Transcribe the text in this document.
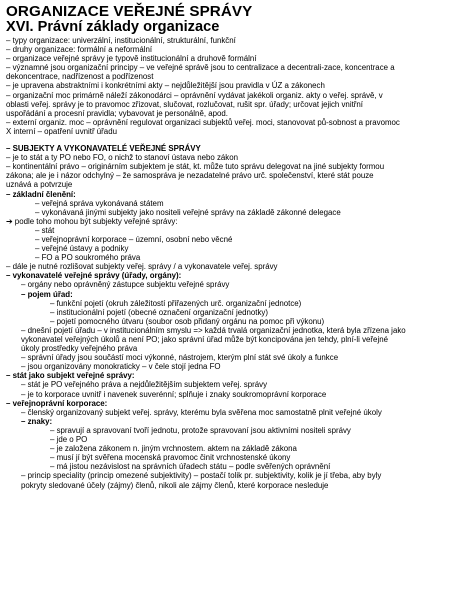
ORGANIZACE VEŘEJNÉ SPRÁVY
XVI. Právní základy organizace
– typy organizace: univerzální, institucionální, strukturální, funkční
– druhy organizace: formální a neformální
– organizace veřejné správy je typově institucionální a druhově formální
– významné jsou organizační principy – ve veřejné správě jsou to centralizace a decentrali-zace, koncentrace a
dekoncentrace, nadřízenost a podřízenost
– je upravena abstraktními i konkrétními akty – nejdůležitější jsou pravidla v ÚZ a zákonech
– organizační moc primárně náleží zákonodárci – oprávnění vydávat jakékoli organiz. akty o veřej. správě, v
oblasti veřej. správy je to pravomoc zřizovat, slučovat, rozlučovat, rušit spr. úřady; určovat jejich vnitřní
uspořádání a procesní pravidla; vybavovat je personálně, apod.
– externí organiz. moc – oprávnění regulovat organizaci subjektů veřej. moci, stanovovat pů-sobnost a pravomoc
X interní – opatření uvnitř úřadu
– SUBJEKTY A VYKONAVATELÉ VEŘEJNÉ SPRÁVY
– je to stát a ty PO nebo FO, o nichž to stanoví ústava nebo zákon
– kontinentální právo – originárním subjektem je stát, kt. může tuto správu delegovat na jiné subjekty formou
zákona; ale je i názor odchylný – že samosprávа je nezadatelné právo urč. společenství, které stát pouze
uznává a potvrzuje
– základní členění:
– veřejná správa vykonávaná státem
– vykonávaná jinými subjekty jako nositeli veřejné správy na základě zákonné delegace
➔ podle toho mohou být subjekty veřejné správy:
– stát
– veřejnoprávní korporace – územní, osobní nebo věcné
– veřejné ústavy a podniky
– FO a PO soukromého práva
– dále je nutné rozlišovat subjekty veřej. správy / a vykonavatele veřej. správy
– vykonavatelé veřejné správy (úřady, orgány):
– orgány nebo oprávněný zástupce subjektu veřejné správy
– pojem úřad:
– funkční pojetí (okruh záležitostí přiřazených urč. organizační jednotce)
– institucionální pojetí (obecné označení organizační jednotky)
– pojetí pomocného útvaru (soubor osob přidaný orgánu na pomoc při výkonu)
– dnešní pojetí úřadu – v institucionálním smyslu => každá trvalá organizační jednotka, která byla zřízena jako
vykonavatel veřejných úkolů a není PO; jako správní úřad může být koncipována jen tehdy, plní-li veřejné
úkoly prostředky veřejného práva
– správní úřady jsou součástí moci výkonné, nástrojem, kterým plní stát své úkoly a funkce
– jsou organizovány monokraticky – v čele stojí jedna FO
– stát jako subjekt veřejné správy:
– stát je PO veřejného práva a nejdůležitějším subjektem veřej. správy
– je to korporace uvnitř i navenek suverénní; splňuje i znaky soukromoprávní korporace
– veřejnoprávní korporace:
– členský organizovaný subjekt veřej. správy, kterému byla svěřena moc samostatně plnit veřejné úkoly
– znaky:
– spravují a spravovaní tvoří jednotu, protože spravovaní jsou aktivními nositeli správy
– jde o PO
– je založena zákonem n. jiným vrchnostem. aktem na základě zákona
– musí jí být svěřena mocenská pravomoc činit vrchnostenské úkony
– má jistou nezávislost na správních úřadech státu – podle svěřených oprávnění
– princip speciality (princip omezené subjektivity) – postačí tolik pr. subjektivity, kolik je jí třeba, aby byly
pokryty sledované účely (zájmy) členů, nikoli ale zájmy členů, které korporace nesleduje
